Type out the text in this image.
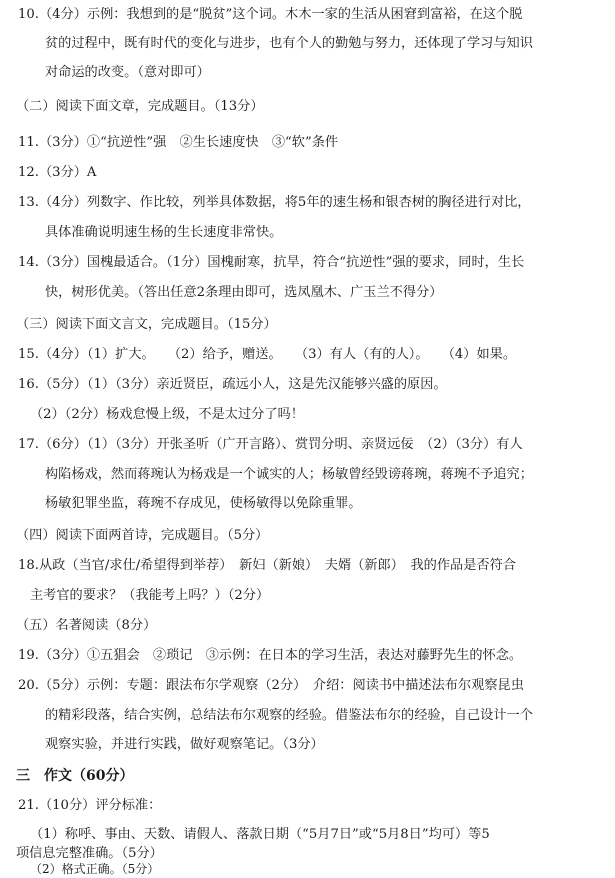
10.（4分）示例：我想到的是“脱贫”这个词。木木一家的生活从困窘到富裕，在这个脱
贫的过程中，既有时代的变化与进步，也有个人的勤勉与努力，还体现了学习与知识
对命运的改变。（意对即可）
（二）阅读下面文章，完成题目。（13分）
11.（3分）①“抗逆性”强　②生长速度快　③“软”条件
12.（3分）A
13.（4分）列数字、作比较，列举具体数据，将5年的速生杨和银杏树的胸径进行对比，
具体准确说明速生杨的生长速度非常快。
14.（3分）国槐最适合。（1分）国槐耐寒，抗旱，符合“抗逆性”强的要求，同时，生长
快，树形优美。（答出任意2条理由即可，选凤凰木、广玉兰不得分）
（三）阅读下面文言文，完成题目。（15分）
15.（4分）（1）扩大。　　（2）给予，赠送。　　（3）有人（有的人）。　　（4）如果。
16.（5分）（1）（3分）亲近贤臣，疏远小人，这是先汉能够兴盛的原因。
（2）（2分）杨戏怠慢上级，不是太过分了吗！
17.（6分）（1）（3分）开张圣听（广开言路）、赏罚分明、亲贤远佞　（2）（3分）有人
构陷杨戏，然而蒋琬认为杨戏是一个诚实的人；杨敏曾经毁谤蒋琬，蒋琬不予追究；
杨敏犯罪坐监，蒋琬不存成见，使杨敏得以免除重罪。
（四）阅读下面两首诗，完成题目。（5分）
18.从政（当官/求仕/希望得到举荐）　新妇（新娘）　夫婿（新郎）　我的作品是否符合
主考官的要求？（我能考上吗？）（2分）
（五）名著阅读（8分）
19.（3分）①五猖会　②琐记　③示例：在日本的学习生活，表达对藤野先生的怀念。
20.（5分）示例：专题：跟法布尔学观察（2分）　介绍：阅读书中描述法布尔观察昆虫
的精彩段落，结合实例，总结法布尔观察的经验。借鉴法布尔的经验，自己设计一个
观察实验，并进行实践，做好观察笔记。（3分）
三　作文（60分）
21.（10分）评分标准：
（1）称呼、事由、天数、请假人、落款日期（“5月7日”或“5月8日”均可）等5
项信息完整准确。（5分）
（2）格式正确。（5分）
